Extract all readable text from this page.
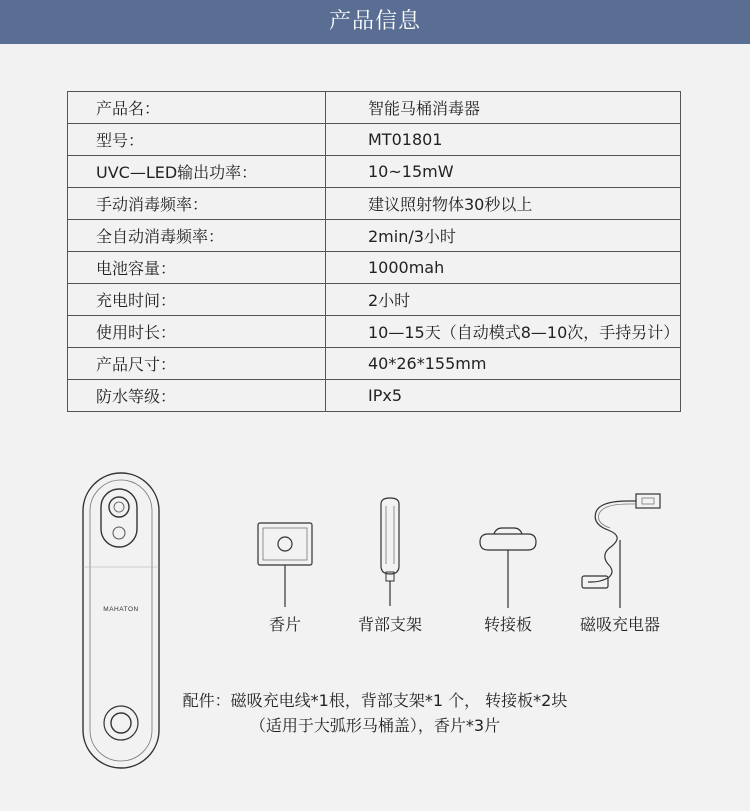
产品信息
产品名：	智能马桶消毒器
型号：	MT01801
UVC—LED输出功率：	10~15mW
手动消毒频率：	建议照射物体30秒以上
全自动消毒频率：	2min/3小时
电池容量：	1000mah
充电时间：	2小时
使用时长：	10—15天（自动模式8—10次，手持另计）
产品尺寸：	40*26*155mm
防水等级：	IPx5
MAHATON
香片	背部支架	转接板	磁吸充电器
配件：磁吸充电线*1根，背部支架*1 个， 转接板*2块
（适用于大弧形马桶盖），香片*3片
